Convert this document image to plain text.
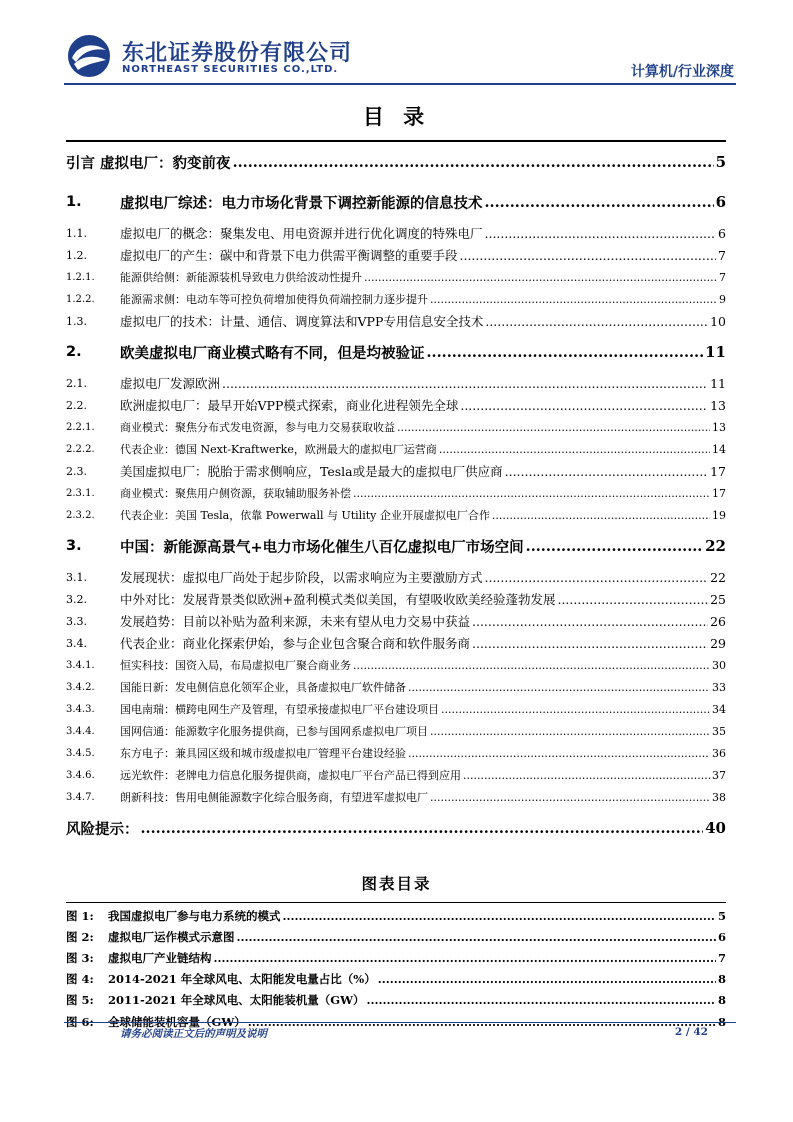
东北证券股份有限公司
NORTHEAST SECURITIES CO.,LTD.	计算机/行业深度
目 录
引言 虚拟电厂：豹变前夜 .....	5
1.	虚拟电厂综述：电力市场化背景下调控新能源的信息技术 .....	6
1.1.	虚拟电厂的概念：聚集发电、用电资源并进行优化调度的特殊电厂 .....	6
1.2.	虚拟电厂的产生：碳中和背景下电力供需平衡调整的重要手段 .....	7
1.2.1.	能源供给侧：新能源装机导致电力供给波动性提升 .....	7
1.2.2.	能源需求侧：电动车等可控负荷增加使得负荷端控制力逐步提升 .....	9
1.3.	虚拟电厂的技术：计量、通信、调度算法和VPP专用信息安全技术 .....	10
2.	欧美虚拟电厂商业模式略有不同，但是均被验证 .....	11
2.1.	虚拟电厂发源欧洲 .....	11
2.2.	欧洲虚拟电厂：最早开始VPP模式探索，商业化进程领先全球 .....	13
2.2.1.	商业模式：聚焦分布式发电资源，参与电力交易获取收益 .....	13
2.2.2.	代表企业：德国 Next-Kraftwerke，欧洲最大的虚拟电厂运营商 .....	14
2.3.	美国虚拟电厂：脱胎于需求侧响应，Tesla或是最大的虚拟电厂供应商 .....	17
2.3.1.	商业模式：聚焦用户侧资源，获取辅助服务补偿 .....	17
2.3.2.	代表企业：美国 Tesla，依靠 Powerwall 与 Utility 企业开展虚拟电厂合作 .....	19
3.	中国：新能源高景气+电力市场化催生八百亿虚拟电厂市场空间 .....	22
3.1.	发展现状：虚拟电厂尚处于起步阶段，以需求响应为主要激励方式 .....	22
3.2.	中外对比：发展背景类似欧洲+盈利模式类似美国，有望吸收欧美经验蓬勃发展 .....	25
3.3.	发展趋势：目前以补贴为盈利来源，未来有望从电力交易中获益 .....	26
3.4.	代表企业：商业化探索伊始，参与企业包含聚合商和软件服务商 .....	29
3.4.1.	恒实科技：国资入局，布局虚拟电厂聚合商业务 .....	30
3.4.2.	国能日新：发电侧信息化领军企业，具备虚拟电厂软件储备 .....	33
3.4.3.	国电南瑞：横跨电网生产及管理，有望承接虚拟电厂平台建设项目 .....	34
3.4.4.	国网信通：能源数字化服务提供商，已参与国网系虚拟电厂项目 .....	35
3.4.5.	东方电子：兼具园区级和城市级虚拟电厂管理平台建设经验 .....	36
3.4.6.	远光软件：老牌电力信息化服务提供商，虚拟电厂平台产品已得到应用 .....	37
3.4.7.	朗新科技：售用电侧能源数字化综合服务商，有望进军虚拟电厂 .....	38
风险提示： .....	40
图表目录
图 1:	我国虚拟电厂参与电力系统的模式 .....	5
图 2:	虚拟电厂运作模式示意图 .....	6
图 3:	虚拟电厂产业链结构 .....	7
图 4:	2014-2021 年全球风电、太阳能发电量占比（%） .....	8
图 5:	2011-2021 年全球风电、太阳能装机量（GW） .....	8
图 6:	全球储能装机容量（GW） .....	8
请务必阅读正文后的声明及说明	2 / 42
